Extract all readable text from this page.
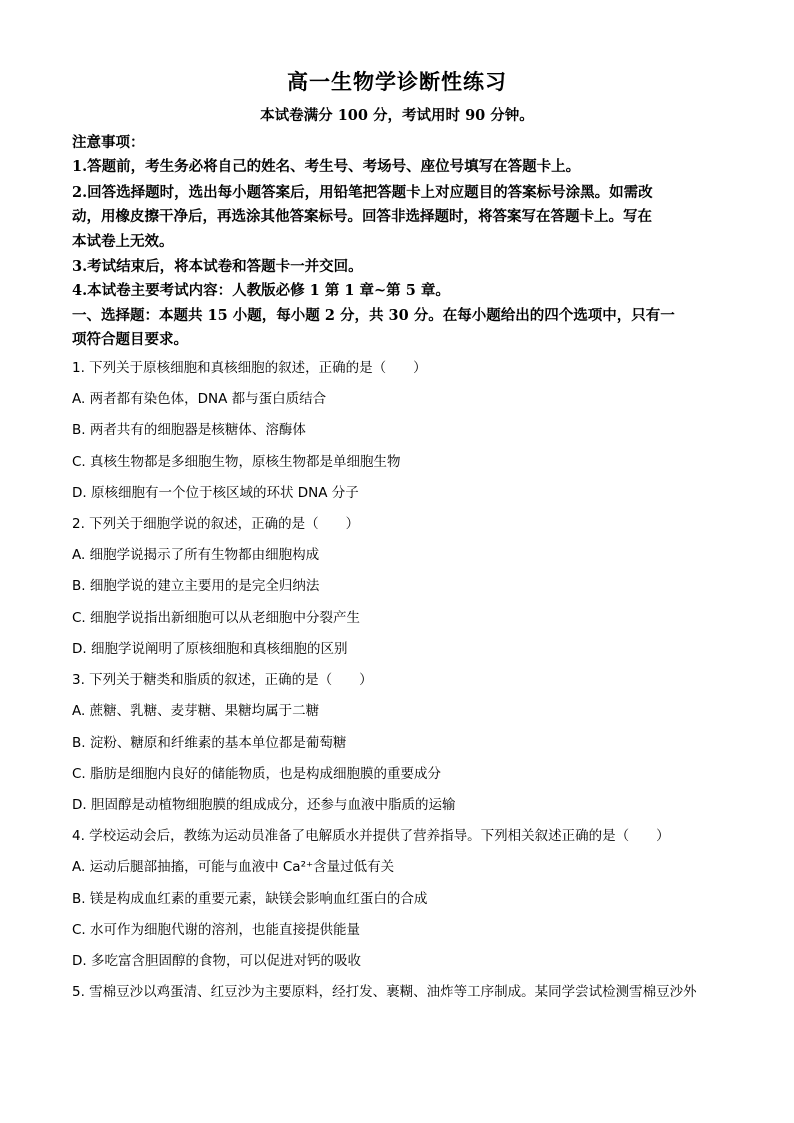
高一生物学诊断性练习
本试卷满分 100 分，考试用时 90 分钟。
注意事项：
1.答题前，考生务必将自己的姓名、考生号、考场号、座位号填写在答题卡上。
2.回答选择题时，选出每小题答案后，用铅笔把答题卡上对应题目的答案标号涂黑。如需改
动，用橡皮擦干净后，再选涂其他答案标号。回答非选择题时，将答案写在答题卡上。写在
本试卷上无效。
3.考试结束后，将本试卷和答题卡一并交回。
4.本试卷主要考试内容：人教版必修 1 第 1 章~第 5 章。
一、选择题：本题共 15 小题，每小题 2 分，共 30 分。在每小题给出的四个选项中，只有一
项符合题目要求。
1. 下列关于原核细胞和真核细胞的叙述，正确的是（　　）
A. 两者都有染色体，DNA 都与蛋白质结合
B. 两者共有的细胞器是核糖体、溶酶体
C. 真核生物都是多细胞生物，原核生物都是单细胞生物
D. 原核细胞有一个位于核区域的环状 DNA 分子
2. 下列关于细胞学说的叙述，正确的是（　　）
A. 细胞学说揭示了所有生物都由细胞构成
B. 细胞学说的建立主要用的是完全归纳法
C. 细胞学说指出新细胞可以从老细胞中分裂产生
D. 细胞学说阐明了原核细胞和真核细胞的区别
3. 下列关于糖类和脂质的叙述，正确的是（　　）
A. 蔗糖、乳糖、麦芽糖、果糖均属于二糖
B. 淀粉、糖原和纤维素的基本单位都是葡萄糖
C. 脂肪是细胞内良好的储能物质，也是构成细胞膜的重要成分
D. 胆固醇是动植物细胞膜的组成成分，还参与血液中脂质的运输
4. 学校运动会后，教练为运动员准备了电解质水并提供了营养指导。下列相关叙述正确的是（　　）
A. 运动后腿部抽搐，可能与血液中 Ca²⁺含量过低有关
B. 镁是构成血红素的重要元素，缺镁会影响血红蛋白的合成
C. 水可作为细胞代谢的溶剂，也能直接提供能量
D. 多吃富含胆固醇的食物，可以促进对钙的吸收
5. 雪棉豆沙以鸡蛋清、红豆沙为主要原料，经打发、裹糊、油炸等工序制成。某同学尝试检测雪棉豆沙外
